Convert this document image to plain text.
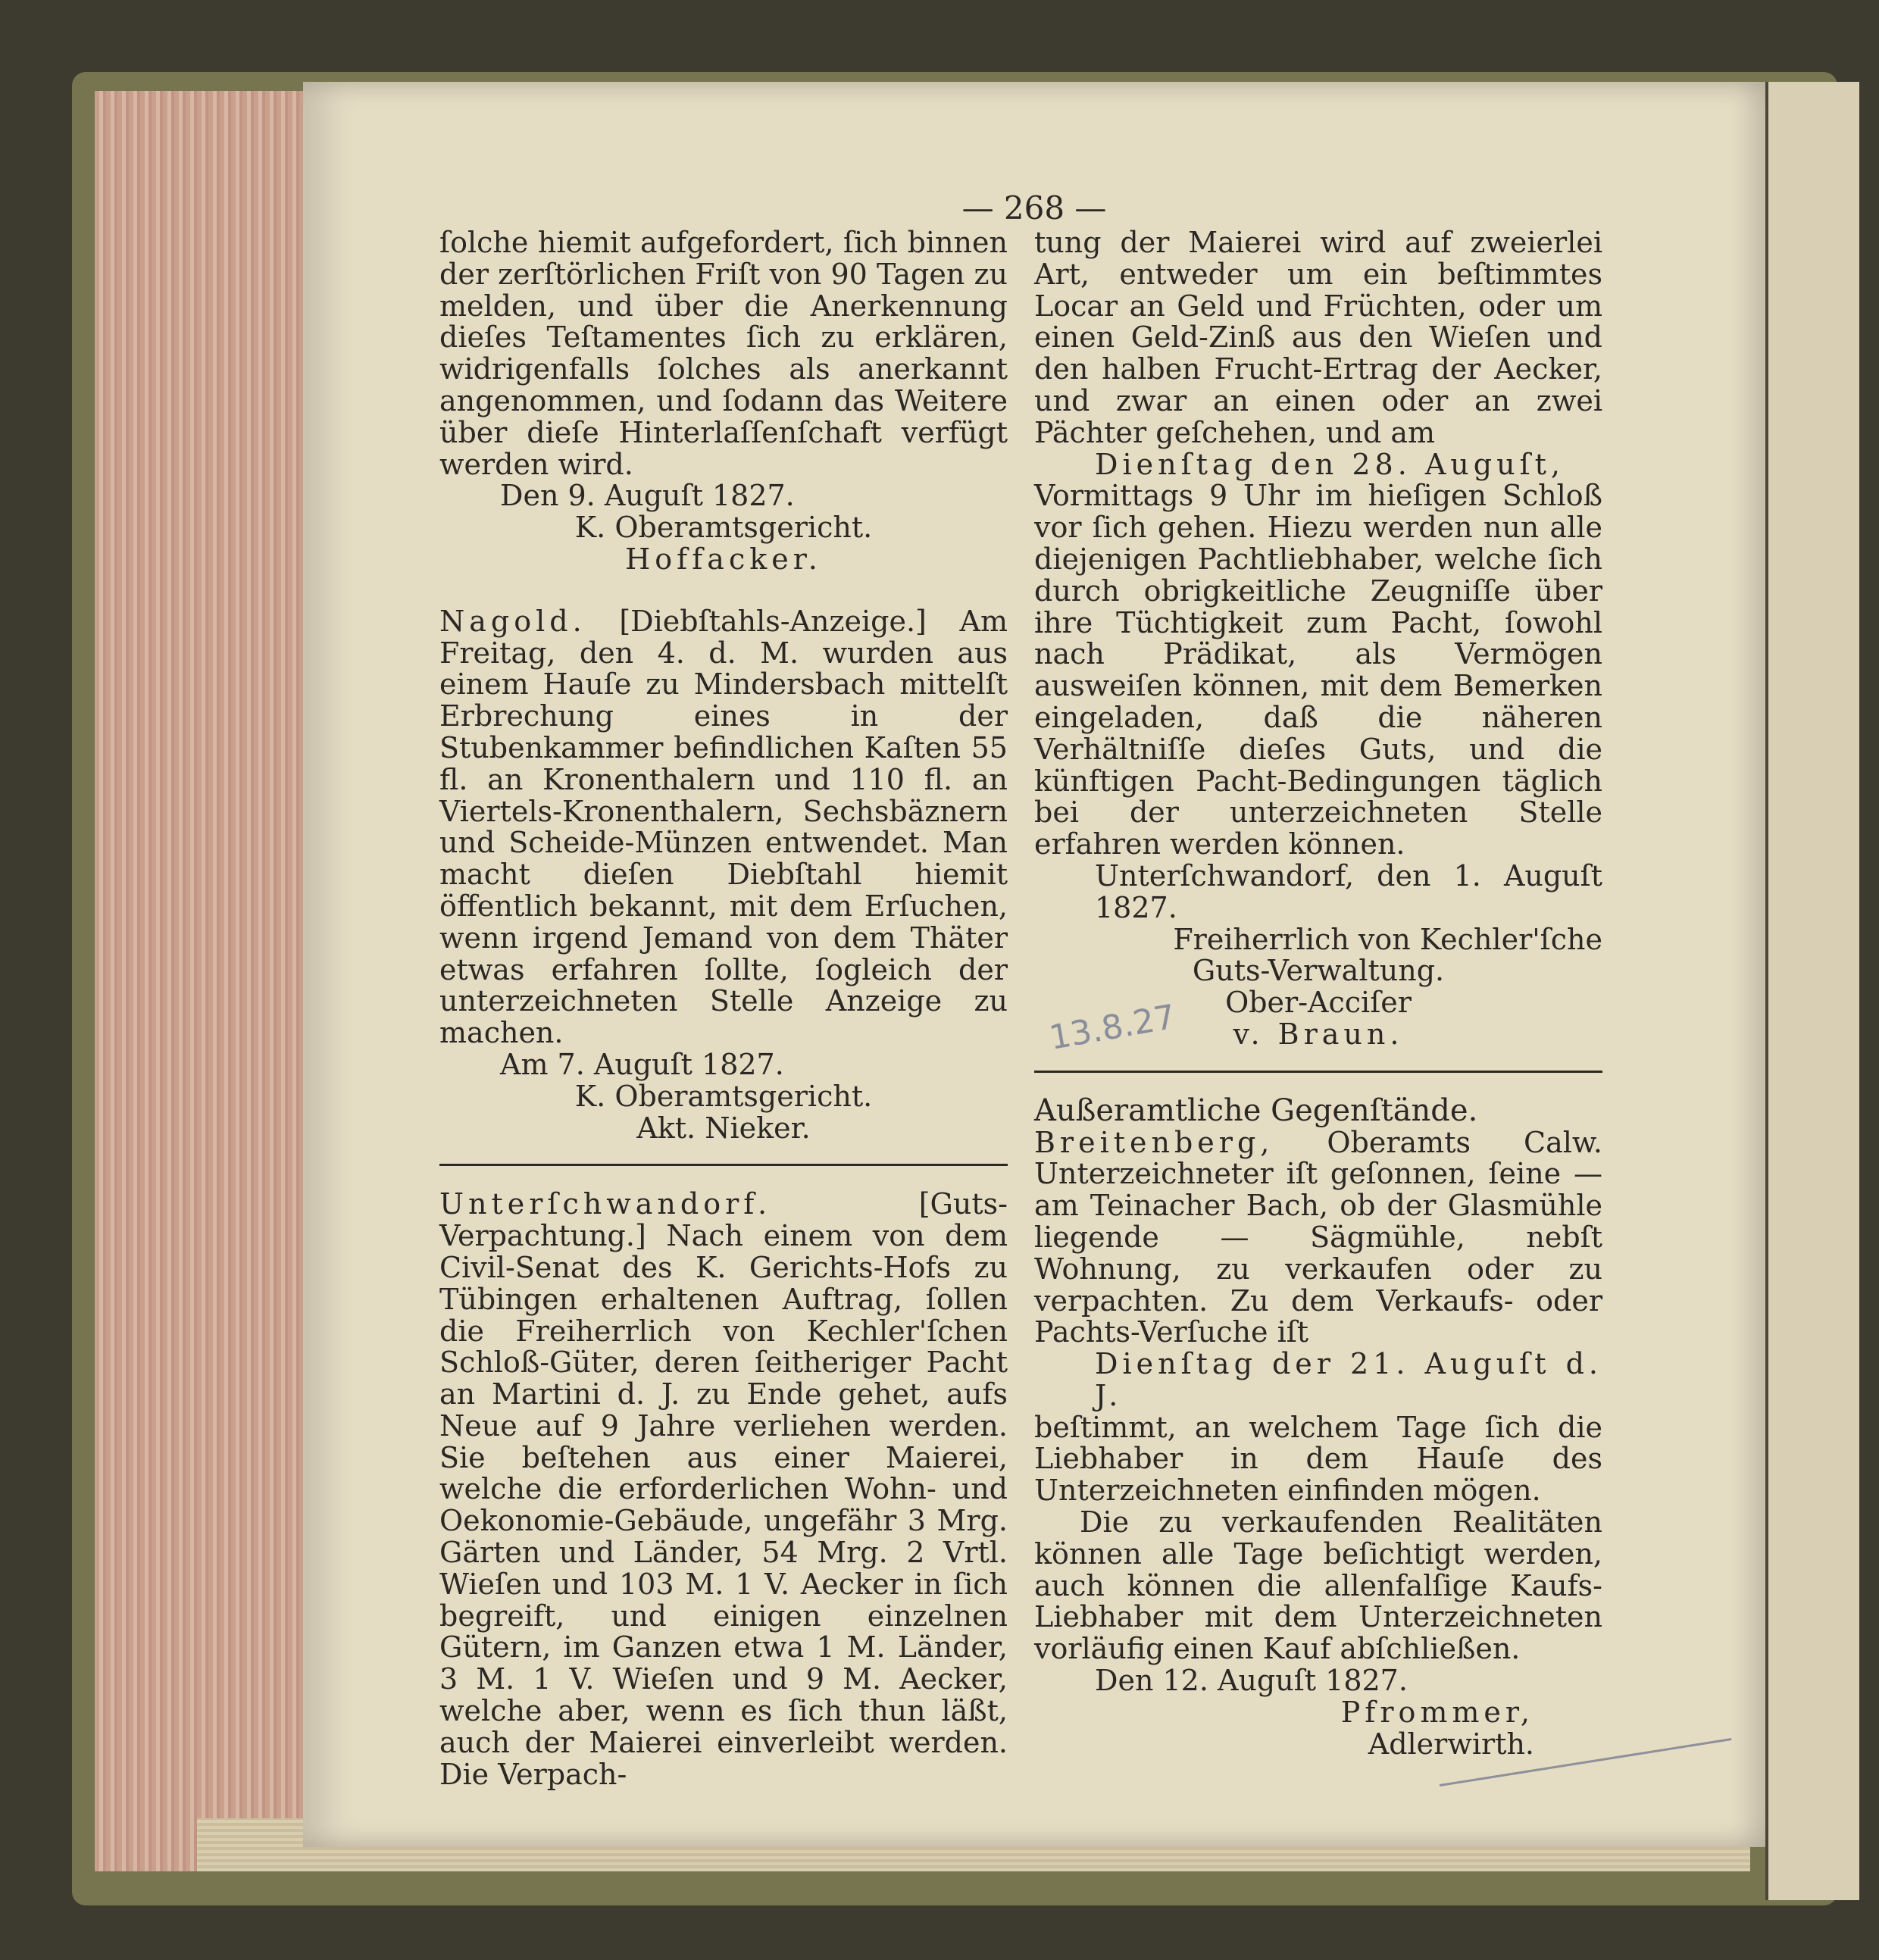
— 268 —

ſolche hiemit aufgefordert, ſich binnen der zerſtörlichen Friſt von 90 Tagen zu melden, und über die Anerkennung dieſes Teſtamentes ſich zu erklären, widrigenfalls ſolches als anerkannt angenommen, und ſodann das Weitere über dieſe Hinterlaſſenſchaft verfügt werden wird.

Den 9. Auguſt 1827.

K. Oberamtsgericht.

Hoffacker.

Nagold. [Diebſtahls-Anzeige.] Am Freitag, den 4. d. M. wurden aus einem Hauſe zu Mindersbach mittelſt Erbrechung eines in der Stubenkammer befindlichen Kaſten 55 fl. an Kronenthalern und 110 fl. an Viertels-Kronenthalern, Sechsbäznern und Scheide-Münzen entwendet. Man macht dieſen Diebſtahl hiemit öffentlich bekannt, mit dem Erſuchen, wenn irgend Jemand von dem Thäter etwas erfahren ſollte, ſogleich der unterzeichneten Stelle Anzeige zu machen.

Am 7. Auguſt 1827.

K. Oberamtsgericht.

Akt. Nieker.

Unterſchwandorf.	[Guts-Verpachtung.] Nach einem von dem Civil-Senat des K. Gerichts-Hofs zu Tübingen erhaltenen Auftrag, ſollen die Freiherrlich von Kechler'ſchen Schloß-Güter, deren ſeitheriger Pacht an Martini d. J. zu Ende gehet, aufs Neue auf 9 Jahre verliehen werden. Sie beſtehen aus einer Maierei, welche die erforderlichen Wohn- und Oekonomie-Gebäude, ungefähr 3 Mrg. Gärten und Länder, 54 Mrg. 2 Vrtl. Wieſen und 103 M. 1 V. Aecker in ſich begreift, und einigen einzelnen Gütern, im Ganzen etwa 1 M. Länder, 3 M. 1 V. Wieſen und 9 M. Aecker, welche aber, wenn es ſich thun läßt, auch der Maierei einverleibt werden. Die Verpach-

tung der Maierei wird auf zweierlei Art, entweder um ein beſtimmtes Locar an Geld und Früchten, oder um einen Geld-Zinß aus den Wieſen und den halben Frucht-Ertrag der Aecker, und zwar an einen oder an zwei Pächter geſchehen, und am

Dienſtag den 28. Auguſt,

Vormittags 9 Uhr im hieſigen Schloß vor ſich gehen. Hiezu werden nun alle diejenigen Pachtliebhaber, welche ſich durch obrigkeitliche Zeugniſſe über ihre Tüchtigkeit zum Pacht, ſowohl nach Prädikat, als Vermögen ausweiſen können, mit dem Bemerken eingeladen, daß die näheren Verhältniſſe dieſes Guts, und die künftigen Pacht-Bedingungen täglich bei der unterzeichneten Stelle erfahren werden können.

Unterſchwandorf, den 1. Auguſt 1827.

Freiherrlich von Kechler'ſche

Guts-Verwaltung.

Ober-Acciſer

v. Braun.

Außeramtliche Gegenſtände.

Breitenberg, Oberamts Calw. Unterzeichneter iſt geſonnen, ſeine — am Teinacher Bach, ob der Glasmühle liegende — Sägmühle, nebſt Wohnung, zu verkaufen oder zu verpachten. Zu dem Verkaufs- oder Pachts-Verſuche iſt

Dienſtag der 21. Auguſt d. J.

beſtimmt, an welchem Tage ſich die Liebhaber in dem Hauſe des Unterzeichneten einfinden mögen.

Die zu verkaufenden Realitäten können alle Tage beſichtigt werden, auch können die allenfalſige Kaufs-Liebhaber mit dem Unterzeichneten vorläufig einen Kauf abſchließen.

Den 12. Auguſt 1827.

Pfrommer,

Adlerwirth.

13.8.27
